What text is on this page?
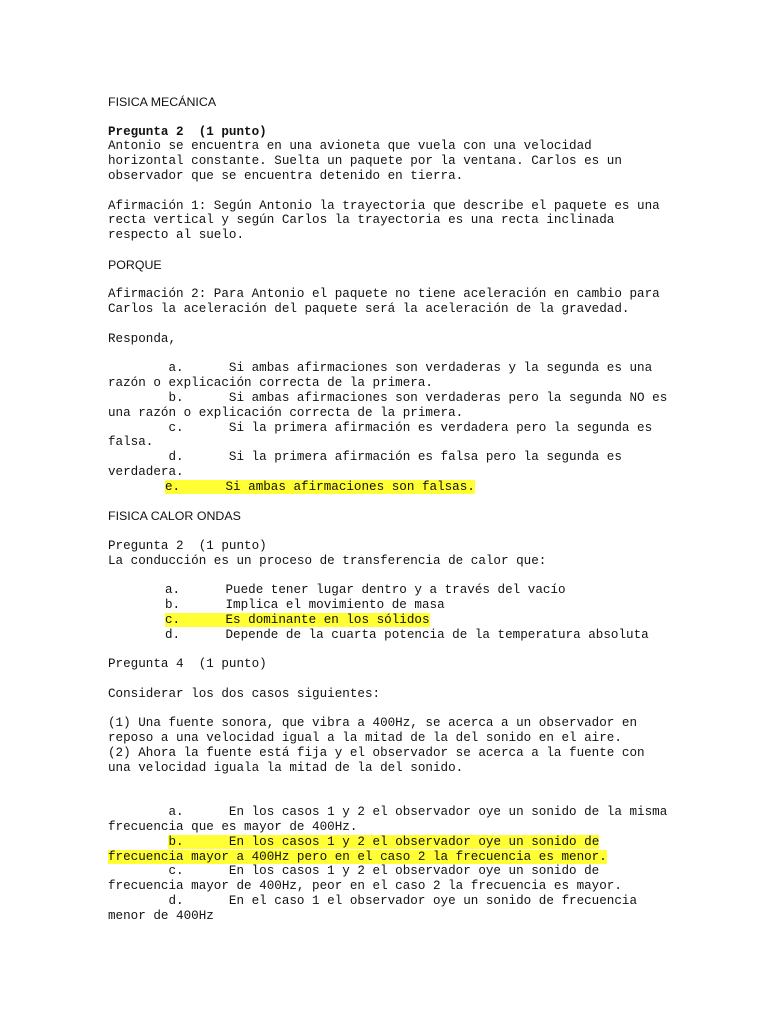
FISICA MECÁNICA
Pregunta 2  (1 punto)
Antonio se encuentra en una avioneta que vuela con una velocidad
horizontal constante. Suelta un paquete por la ventana. Carlos es un
observador que se encuentra detenido en tierra.
Afirmación 1: Según Antonio la trayectoria que describe el paquete es una
recta vertical y según Carlos la trayectoria es una recta inclinada
respecto al suelo.
PORQUE
Afirmación 2: Para Antonio el paquete no tiene aceleración en cambio para
Carlos la aceleración del paquete será la aceleración de la gravedad.
Responda,
a.      Si ambas afirmaciones son verdaderas y la segunda es una
razón o explicación correcta de la primera.
b.      Si ambas afirmaciones son verdaderas pero la segunda NO es
una razón o explicación correcta de la primera.
c.      Si la primera afirmación es verdadera pero la segunda es
falsa.
d.      Si la primera afirmación es falsa pero la segunda es
verdadera.
e.      Si ambas afirmaciones son falsas.
FISICA CALOR ONDAS
Pregunta 2  (1 punto)
La conducción es un proceso de transferencia de calor que:
a.      Puede tener lugar dentro y a través del vacío
b.      Implica el movimiento de masa
c.      Es dominante en los sólidos
d.      Depende de la cuarta potencia de la temperatura absoluta
Pregunta 4  (1 punto)
Considerar los dos casos siguientes:
(1) Una fuente sonora, que vibra a 400Hz, se acerca a un observador en
reposo a una velocidad igual a la mitad de la del sonido en el aire.
(2) Ahora la fuente está fija y el observador se acerca a la fuente con
una velocidad iguala la mitad de la del sonido.
a.      En los casos 1 y 2 el observador oye un sonido de la misma
frecuencia que es mayor de 400Hz.
b.      En los casos 1 y 2 el observador oye un sonido de
frecuencia mayor a 400Hz pero en el caso 2 la frecuencia es menor.
c.      En los casos 1 y 2 el observador oye un sonido de
frecuencia mayor de 400Hz, peor en el caso 2 la frecuencia es mayor.
d.      En el caso 1 el observador oye un sonido de frecuencia
menor de 400Hz
